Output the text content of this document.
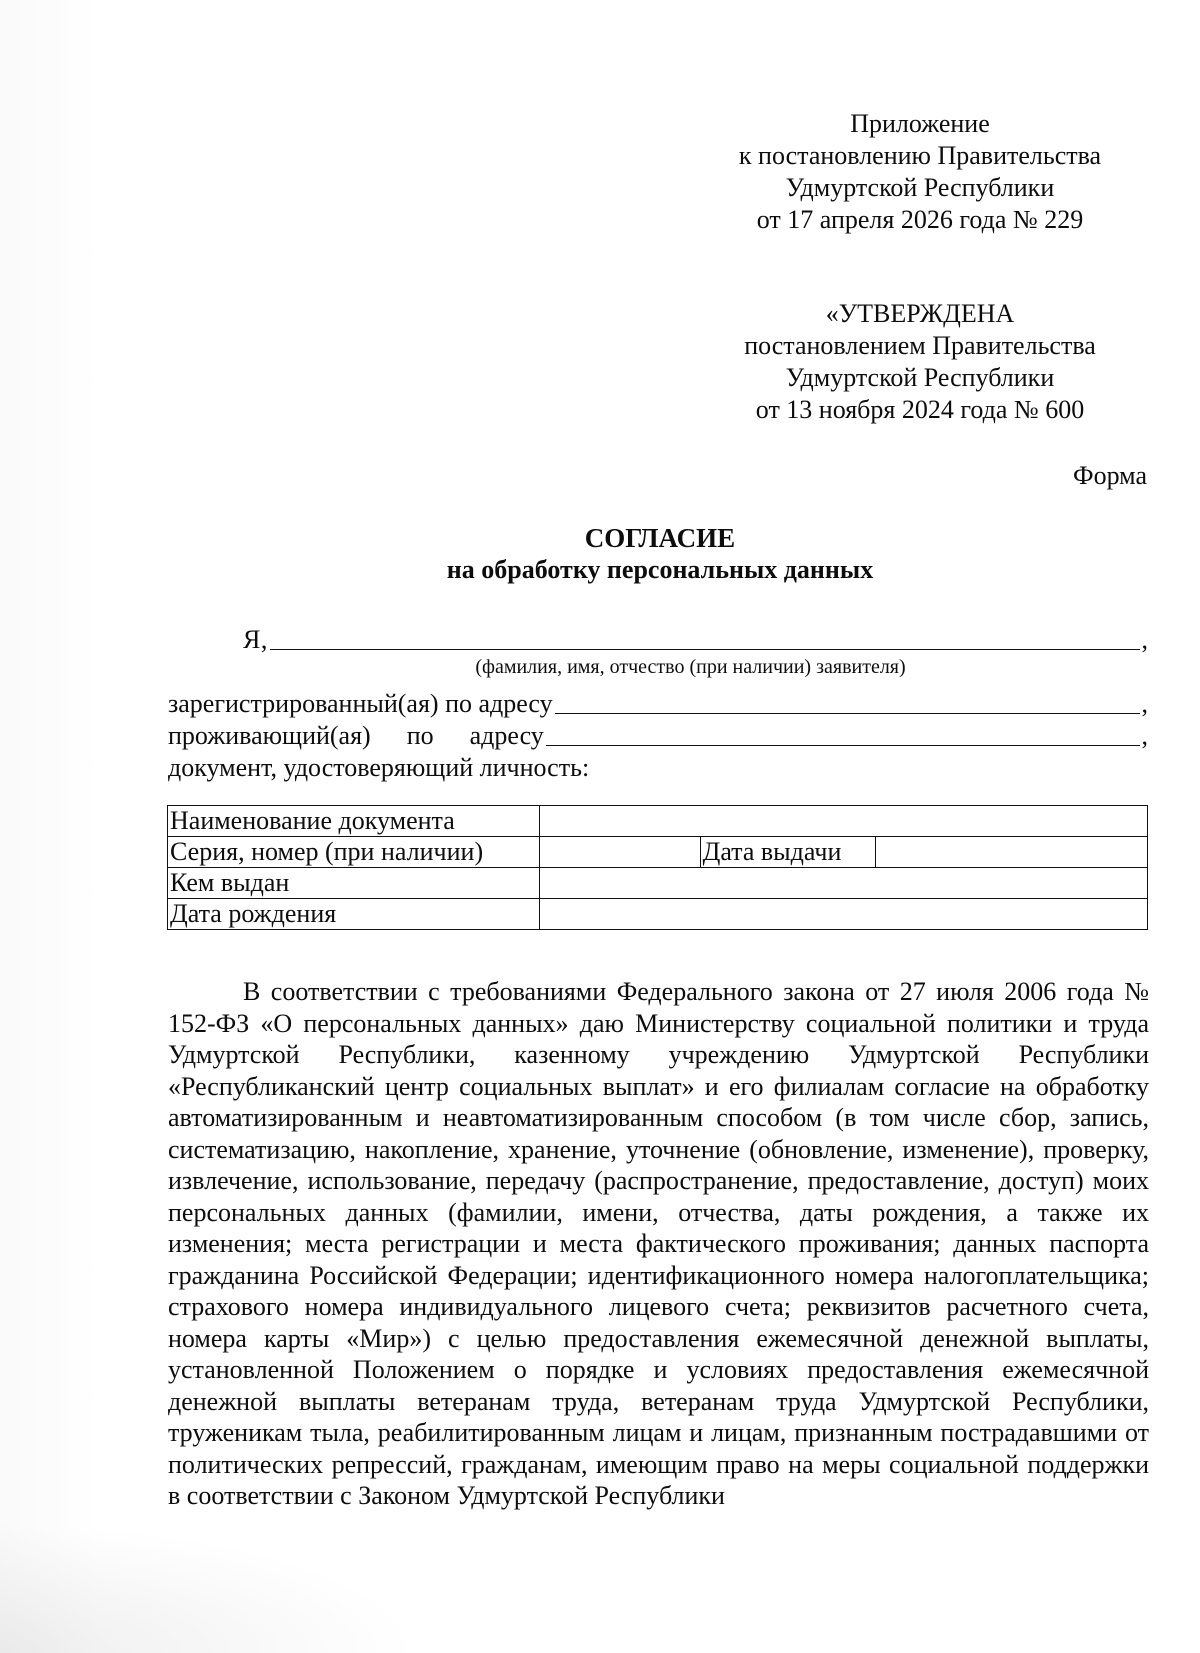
Приложение
к постановлению Правительства
Удмуртской Республики
от 17 апреля 2026 года № 229
«УТВЕРЖДЕНА
постановлением Правительства
Удмуртской Республики
от 13 ноября 2024 года № 600
Форма
СОГЛАСИЕ
на обработку персональных данных
Я,	,
(фамилия, имя, отчество (при наличии) заявителя)
зарегистрированный(ая) по адресу	,
проживающий(ая) по адресу	,
документ, удостоверяющий личность:
Наименование документа			
Серия, номер (при наличии)		Дата выдачи	
Кем выдан			
Дата рождения			
В соответствии с требованиями Федерального закона от 27 июля 2006 года № 152-ФЗ «О персональных данных» даю Министерству социальной политики и труда Удмуртской Республики, казенному учреждению Удмуртской Республики «Республиканский центр социальных выплат» и его филиалам согласие на обработку автоматизированным и неавтоматизированным способом (в том числе сбор, запись, систематизацию, накопление, хранение, уточнение (обновление, изменение), проверку, извлечение, использование, передачу (распространение, предоставление, доступ) моих персональных данных (фамилии, имени, отчества, даты рождения, а также их изменения; места регистрации и места фактического проживания; данных паспорта гражданина Российской Федерации; идентификационного номера налогоплательщика; страхового номера индивидуального лицевого счета; реквизитов расчетного счета, номера карты «Мир») с целью предоставления ежемесячной денежной выплаты, установленной Положением о порядке и условиях предоставления ежемесячной денежной выплаты ветеранам труда, ветеранам труда Удмуртской Республики, труженикам тыла, реабилитированным лицам и лицам, признанным пострадавшими от политических репрессий, гражданам, имеющим право на меры социальной поддержки в соответствии с Законом Удмуртской Республики
